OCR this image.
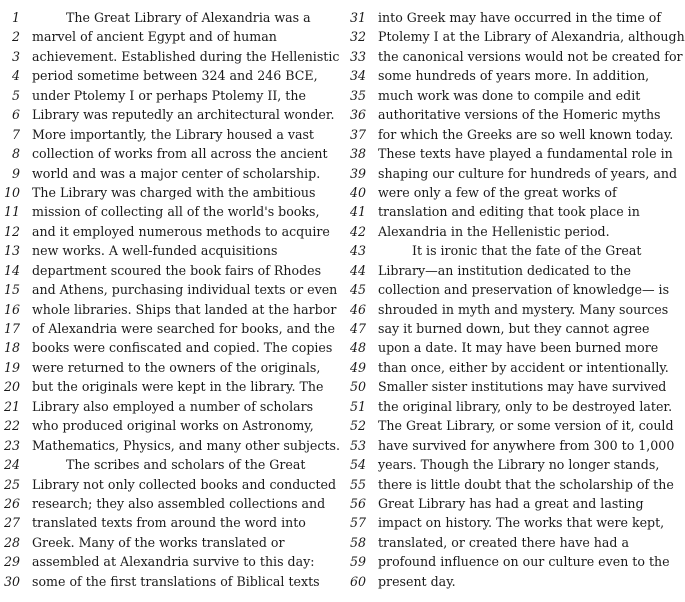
1	The Great Library of Alexandria was a
2 marvel of ancient Egypt and of human
3 achievement. Established during the Hellenistic
4 period sometime between 324 and 246 BCE,
5 under Ptolemy I or perhaps Ptolemy II, the
6 Library was reputedly an architectural wonder.
7 More importantly, the Library housed a vast
8 collection of works from all across the ancient
9 world and was a major center of scholarship.
10 The Library was charged with the ambitious
11 mission of collecting all of the world's books,
12 and it employed numerous methods to acquire
13 new works. A well-funded acquisitions
14 department scoured the book fairs of Rhodes
15 and Athens, purchasing individual texts or even
16 whole libraries. Ships that landed at the harbor
17 of Alexandria were searched for books, and the
18 books were confiscated and copied. The copies
19 were returned to the owners of the originals,
20 but the originals were kept in the library. The
21 Library also employed a number of scholars
22 who produced original works on Astronomy,
23 Mathematics, Physics, and many other subjects.
24	The scribes and scholars of the Great
25 Library not only collected books and conducted
26 research; they also assembled collections and
27 translated texts from around the word into
28 Greek. Many of the works translated or
29 assembled at Alexandria survive to this day:
30 some of the first translations of Biblical texts
31 into Greek may have occurred in the time of
32 Ptolemy I at the Library of Alexandria, although
33 the canonical versions would not be created for
34 some hundreds of years more. In addition,
35 much work was done to compile and edit
36 authoritative versions of the Homeric myths
37 for which the Greeks are so well known today.
38 These texts have played a fundamental role in
39 shaping our culture for hundreds of years, and
40 were only a few of the great works of
41 translation and editing that took place in
42 Alexandria in the Hellenistic period.
43	It is ironic that the fate of the Great
44 Library—an institution dedicated to the
45 collection and preservation of knowledge— is
46 shrouded in myth and mystery. Many sources
47 say it burned down, but they cannot agree
48 upon a date. It may have been burned more
49 than once, either by accident or intentionally.
50 Smaller sister institutions may have survived
51 the original library, only to be destroyed later.
52 The Great Library, or some version of it, could
53 have survived for anywhere from 300 to 1,000
54 years. Though the Library no longer stands,
55 there is little doubt that the scholarship of the
56 Great Library has had a great and lasting
57 impact on history. The works that were kept,
58 translated, or created there have had a
59 profound influence on our culture even to the
60 present day.
